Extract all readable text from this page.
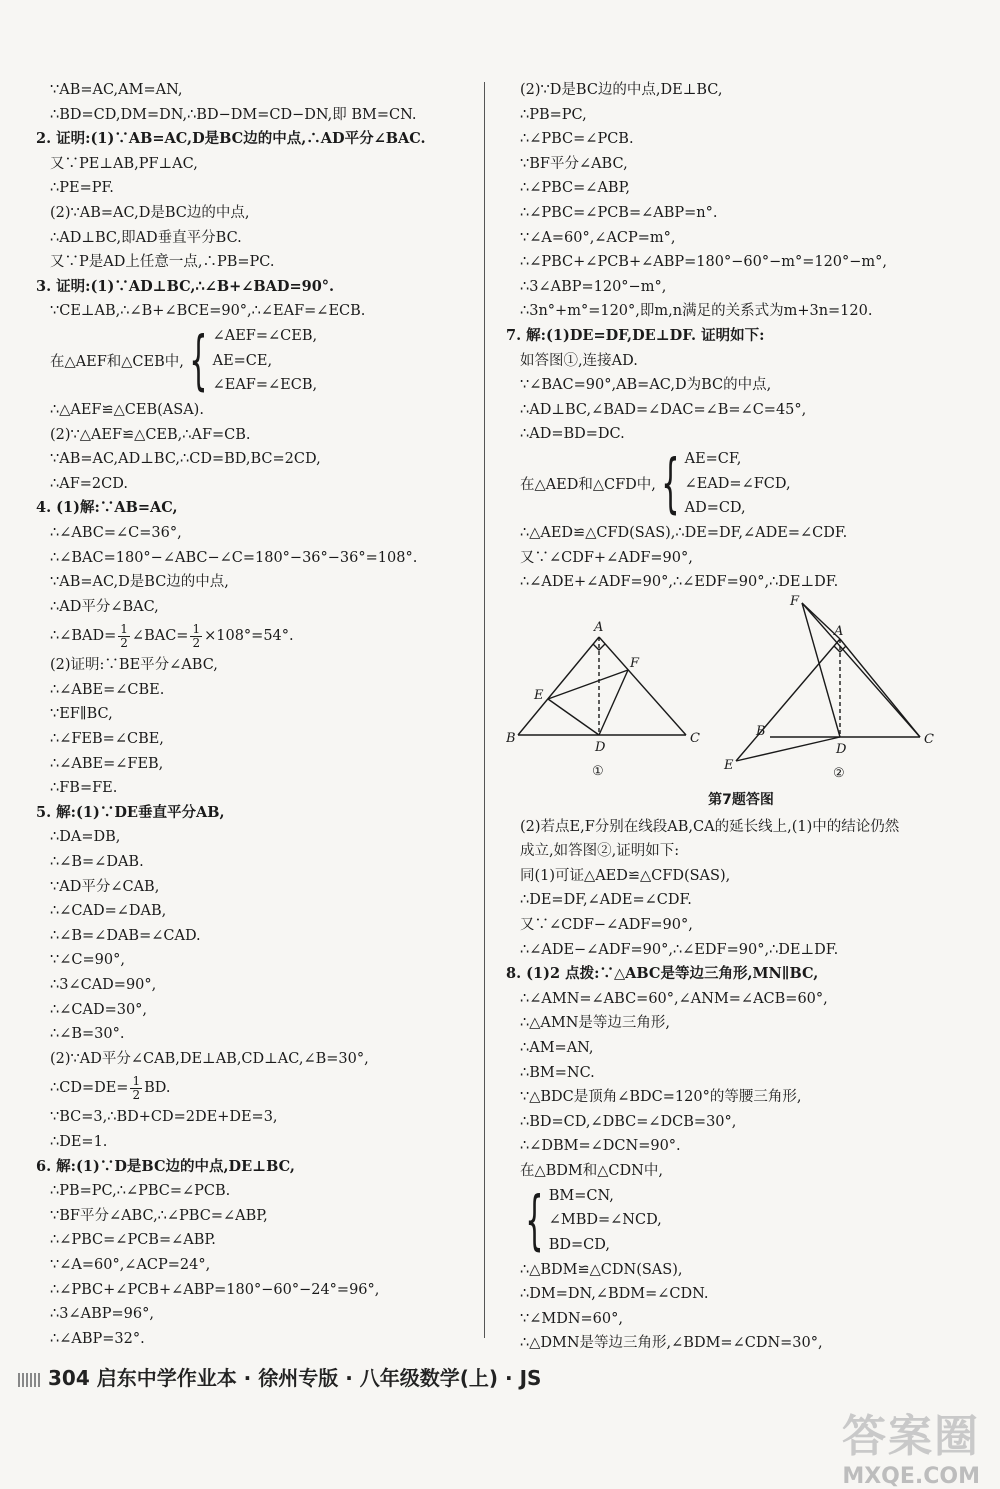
∵AB=AC,AM=AN,
∴BD=CD,DM=DN,∴BD−DM=CD−DN,即 BM=CN.
2. 证明:(1)∵AB=AC,D是BC边的中点,∴AD平分∠BAC.
又∵PE⊥AB,PF⊥AC,
∴PE=PF.
(2)∵AB=AC,D是BC边的中点,
∴AD⊥BC,即AD垂直平分BC.
又∵P是AD上任意一点,∴PB=PC.
3. 证明:(1)∵AD⊥BC,∴∠B+∠BAD=90°.
∵CE⊥AB,∴∠B+∠BCE=90°,∴∠EAF=∠ECB.
在△AEF和△CEB中, { ∠AEF=∠CEB,
AE=CE,
∠EAF=∠ECB,
∴△AEF≌△CEB(ASA).
(2)∵△AEF≌△CEB,∴AF=CB.
∵AB=AC,AD⊥BC,∴CD=BD,BC=2CD,
∴AF=2CD.
4. (1)解:∵AB=AC,
∴∠ABC=∠C=36°,
∴∠BAC=180°−∠ABC−∠C=180°−36°−36°=108°.
∵AB=AC,D是BC边的中点,
∴AD平分∠BAC,
∴∠BAD= $\frac{1}{2}$ ∠BAC= $\frac{1}{2} \times 108^\circ=54^\circ$.
(2)证明:∵BE平分∠ABC,
∴∠ABE=∠CBE.
∵EF∥BC,
∴∠FEB=∠CBE,
∴∠ABE=∠FEB,
∴FB=FE.
5. 解:(1)∵DE垂直平分AB,
∴DA=DB,
∴∠B=∠DAB.
∵AD平分∠CAB,
∴∠CAD=∠DAB,
∴∠B=∠DAB=∠CAD.
∵∠C=90°,
∴3∠CAD=90°,
∴∠CAD=30°,
∴∠B=30°.
(2)∵AD平分∠CAB,DE⊥AB,CD⊥AC,∠B=30°,
∴CD=DE= $\frac{1}{2}$ BD.
∵BC=3,∴BD+CD=2DE+DE=3,
∴DE=1.
6. 解:(1)∵D是BC边的中点,DE⊥BC,
∴PB=PC,∴∠PBC=∠PCB.
∵BF平分∠ABC,∴∠PBC=∠ABP,
∴∠PBC=∠PCB=∠ABP.
∵∠A=60°,∠ACP=24°,
∴∠PBC+∠PCB+∠ABP=180°−60°−24°=96°,
∴3∠ABP=96°,
∴∠ABP=32°.
(2)∵D是BC边的中点,DE⊥BC,
∴PB=PC,
∴∠PBC=∠PCB.
∵BF平分∠ABC,
∴∠PBC=∠ABP,
∴∠PBC=∠PCB=∠ABP=n°.
∵∠A=60°,∠ACP=m°,
∴∠PBC+∠PCB+∠ABP=180°−60°−m°=120°−m°,
∴3∠ABP=120°−m°,
∴3n°+m°=120°,即m,n满足的关系式为m+3n=120.
7. 解:(1)DE=DF,DE⊥DF. 证明如下:
如答图①,连接AD.
∵∠BAC=90°,AB=AC,D为BC的中点,
∴AD⊥BC,∠BAD=∠DAC=∠B=∠C=45°,
∴AD=BD=DC.
在△AED和△CFD中, { AE=CF,
∠EAD=∠FCD,
AD=CD,
∴△AED≌△CFD(SAS),∴DE=DF,∠ADE=∠CDF.
又∵∠CDF+∠ADF=90°,
∴∠ADE+∠ADF=90°,∴∠EDF=90°,∴DE⊥DF.
A
B	C
D
E
F
①
A
B
C
D
E
F
②
第7题答图
(2)若点E,F分别在线段AB,CA的延长线上,(1)中的结论仍然
成立,如答图②,证明如下:
同(1)可证△AED≌△CFD(SAS),
∴DE=DF,∠ADE=∠CDF.
又∵∠CDF−∠ADF=90°,
∴∠ADE−∠ADF=90°,∴∠EDF=90°,∴DE⊥DF.
8. (1)2 点拨:∵△ABC是等边三角形,MN∥BC,
∴∠AMN=∠ABC=60°,∠ANM=∠ACB=60°,
∴△AMN是等边三角形,
∴AM=AN,
∴BM=NC.
∵△BDC是顶角∠BDC=120°的等腰三角形,
∴BD=CD,∠DBC=∠DCB=30°,
∴∠DBM=∠DCN=90°.
在△BDM和△CDN中,
{ BM=CN,
∠MBD=∠NCD,
BD=CD,
∴△BDM≌△CDN(SAS),
∴DM=DN,∠BDM=∠CDN.
∵∠MDN=60°,
∴△DMN是等边三角形,∠BDM=∠CDN=30°,
304 启东中学作业本 · 徐州专版 · 八年级数学(上) · JS
答案圈
MXQE.COM
